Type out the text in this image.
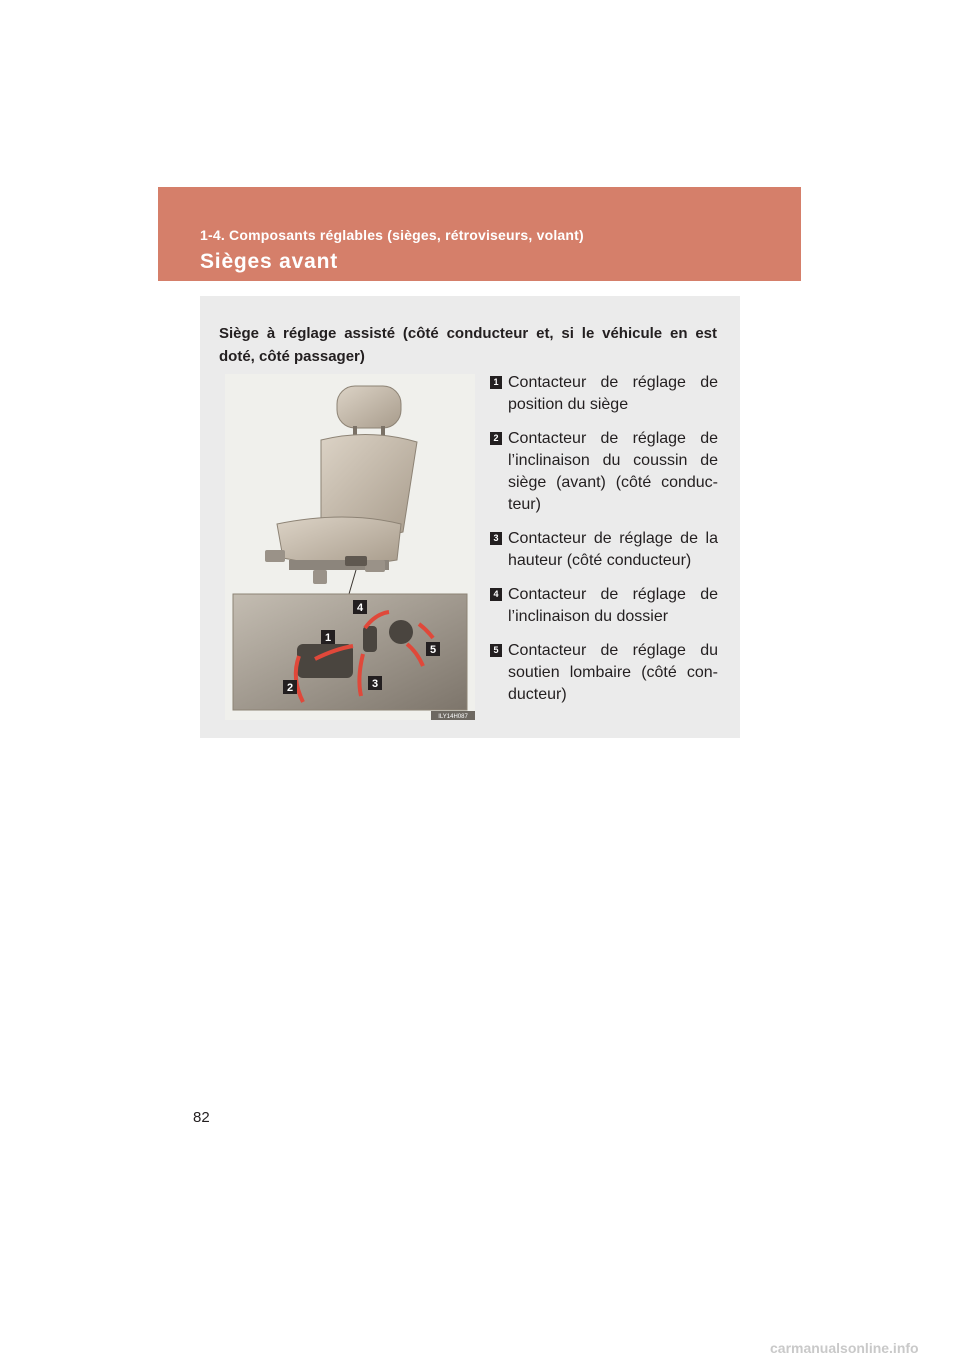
1-4. Composants réglables (sièges, rétroviseurs, volant)
Sièges avant
Siège à réglage assisté (côté conducteur et, si le véhicule en est
doté, côté passager)
4
1
5
2	3
ILY14H087
1 Contacteur de réglage de position du siège
2 Contacteur de réglage de l’inclinaison du coussin de siège (avant) (côté conduc-teur)
3 Contacteur de réglage de la hauteur (côté conducteur)
4 Contacteur de réglage de l’inclinaison du dossier
5 Contacteur de réglage du soutien lombaire (côté con-ducteur)
82
carmanualsonline.info
